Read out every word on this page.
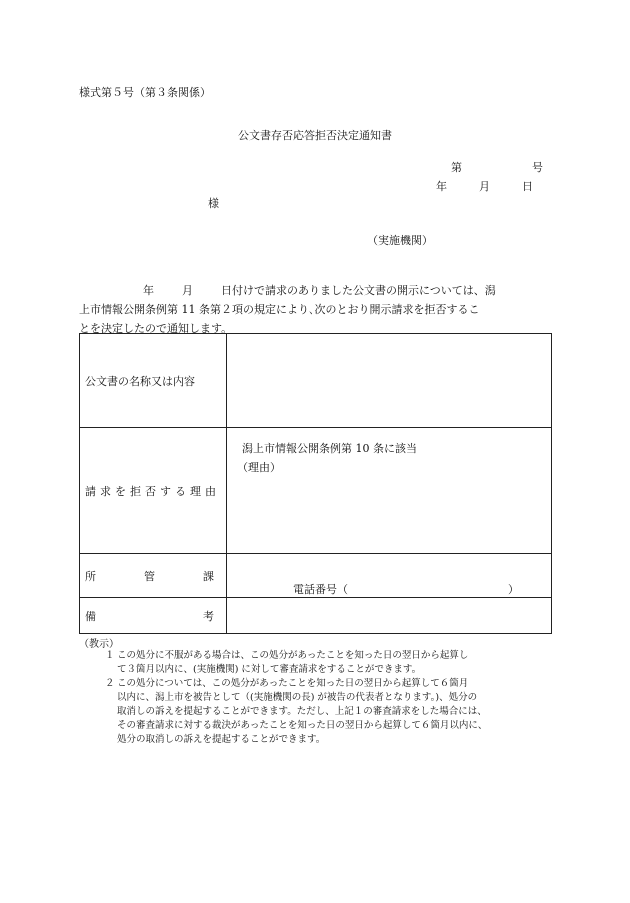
様式第５号（第３条関係）
公文書存否応答拒否決定通知書
第	号
年	月	日
様
（実施機関）

年	月	日付けで請求のありました公文書の開示については、潟

上市情報公開条例第 11 条第２項の規定により､次のとおり開示請求を拒否するこ

とを決定したので通知します。

公文書の名称又は内容	
請求を拒否する理由	潟上市情報公開条例第 10 条に該当
（理由）

所 管 課	電話番号（ ）

備 考	

（教示）
１ この処分に不服がある場合は、この処分があったことを知った日の翌日から起算し
て３箇月以内に、(実施機関) に対して審査請求をすることができます。
２ この処分については、この処分があったことを知った日の翌日から起算して６箇月
以内に、潟上市を被告として（(実施機関の長) が被告の代表者となります。)、処分の
取消しの訴えを提起することができます。ただし、上記１の審査請求をした場合には、
その審査請求に対する裁決があったことを知った日の翌日から起算して６箇月以内に、
処分の取消しの訴えを提起することができます。
